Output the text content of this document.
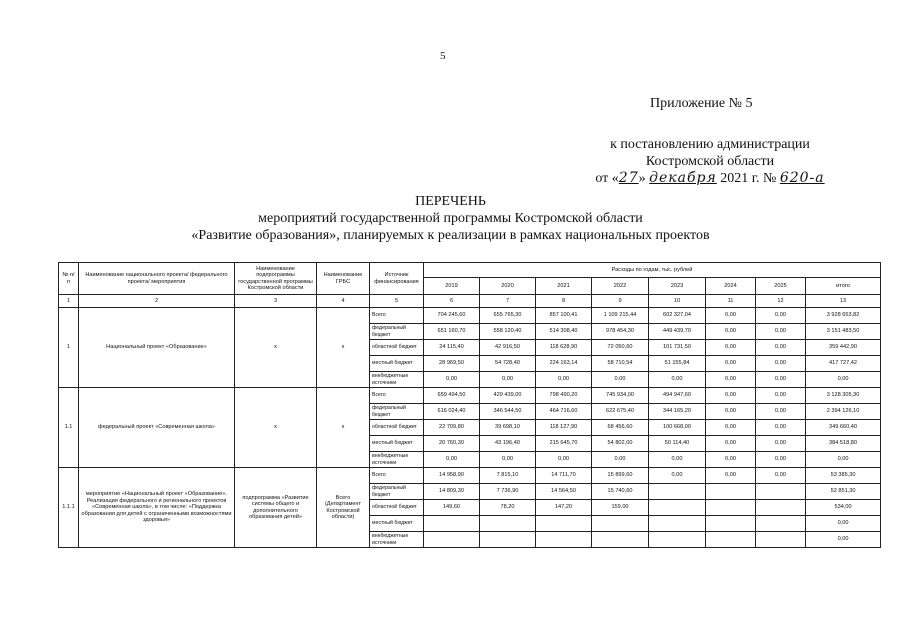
5
Приложение № 5
к постановлению администрации
Костромской области
от «27» декабря 2021 г. № 620-а
ПЕРЕЧЕНЬ
мероприятий государственной программы Костромской области
«Развитие образования», планируемых к реализации в рамках национальных проектов
№ п/п	Наименование национального проекта/ федерального проекта/ мероприятия	Наименование подпрограммы государственной программы Костромской области	Наименование ГРБС	Источник финансирования	Расходы по годам, тыс. рублей							
					2019	2020	2021	2022	2023	2024	2025	итого
1	2	3	4	5	6	7	8	9	10	11	12	13
1	Национальный проект «Образование»	х	х	Всего	704 245,60	655 765,30	857 100,41	1 109 215,44	602 327,04	0,00	0,00	3 928 653,82
				федеральный бюджет	651 160,70	558 120,40	514 308,40	978 454,30	449 439,70	0,00	0,00	3 151 483,50
				областной бюджет	24 115,40	42 916,50	118 628,90	72 050,60	101 731,50	0,00	0,00	359 442,90
				местный бюджет	28 969,50	54 728,40	224 163,14	58 710,54	51 155,84	0,00	0,00	417 727,42
				внебюджетные источники	0,00	0,00	0,00	0,00	0,00	0,00	0,00	0,00
1.1	федеральный проект «Современная школа»	х	х	Всего	659 494,50	429 439,00	798 490,20	745 934,00	494 947,60	0,00	0,00	3 128 305,30
				федеральный бюджет	616 024,40	346 544,50	464 716,60	622 675,40	344 165,20	0,00	0,00	2 394 126,10
				областной бюджет	22 709,80	39 698,10	118 127,90	68 456,60	100 668,00	0,00	0,00	349 660,40
				местный бюджет	20 760,30	43 196,40	215 645,70	54 802,00	50 114,40	0,00	0,00	384 518,80
				внебюджетные источники	0,00	0,00	0,00	0,00	0,00	0,00	0,00	0,00
1.1.1	мероприятие «Национальный проект «Образование». Реализация федерального и регионального проектов «Современная школа», в том числе: «Поддержка образования для детей с ограниченными возможностями здоровья»	подпрограмма «Развитие системы общего и дополнительного образования детей»	Всего (Департамент Костромской области)	Всего	14 958,90	7 815,10	14 711,70	15 899,60	0,00	0,00	0,00	53 385,30
				федеральный бюджет	14 809,30	7 736,90	14 564,50	15 740,60				52 851,30
				областной бюджет	149,60	78,20	147,20	159,00				534,00
				местный бюджет								0,00
				внебюджетные источники								0,00
